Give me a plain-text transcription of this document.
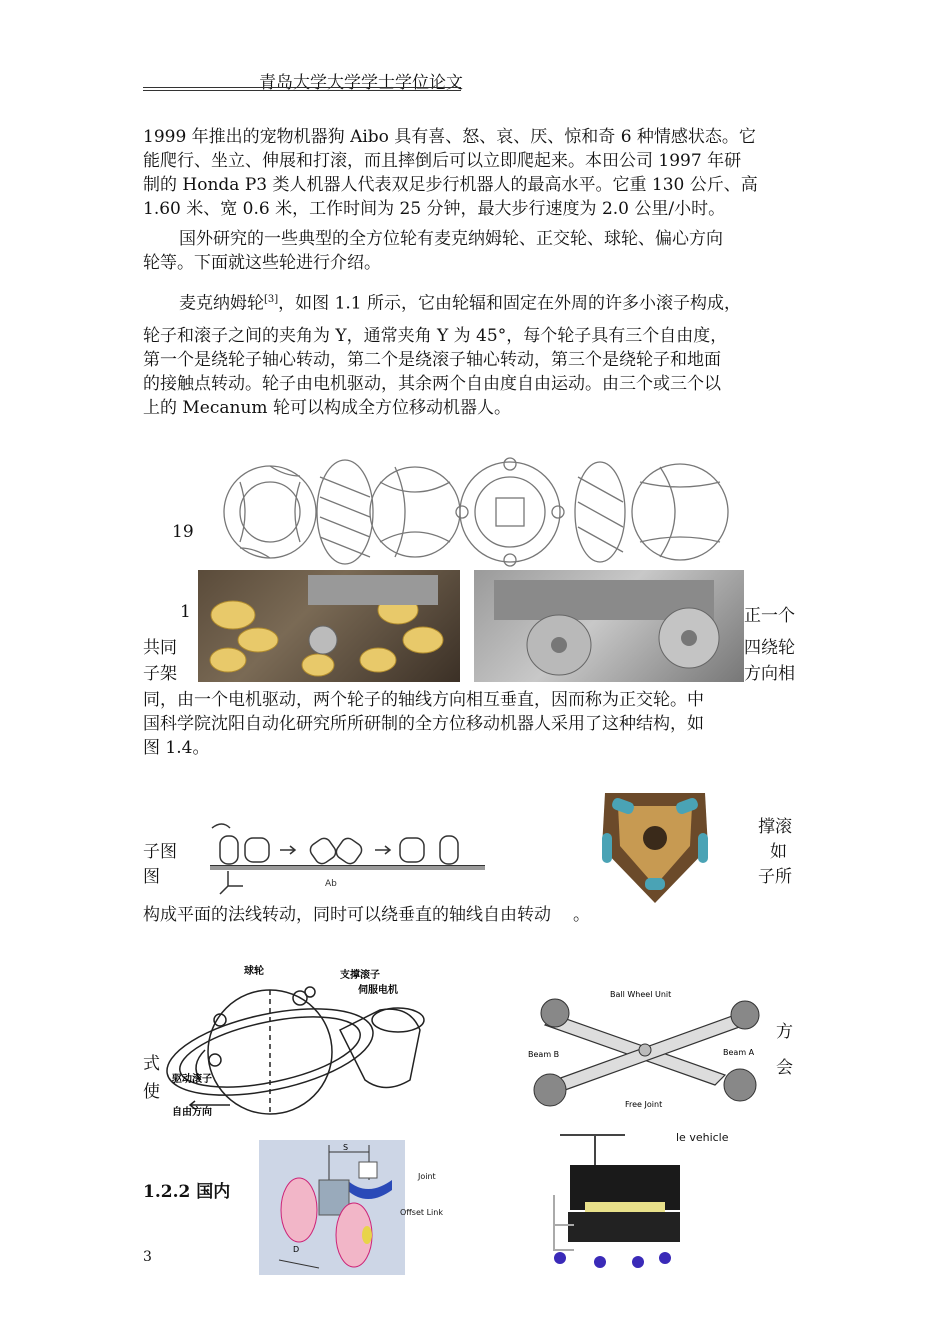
青岛大学大学学士学位论文
1999 年推出的宠物机器狗 Aibo 具有喜、怒、哀、厌、惊和奇 6 种情感状态。它
能爬行、坐立、伸展和打滚，而且摔倒后可以立即爬起来。本田公司 1997 年研
制的 Honda P3 类人机器人代表双足步行机器人的最高水平。它重 130 公斤、高
1.60 米、宽 0.6 米，工作时间为 25 分钟，最大步行速度为 2.0 公里/小时。
国外研究的一些典型的全方位轮有麦克纳姆轮、正交轮、球轮、偏心方向
轮等。下面就这些轮进行介绍。
麦克纳姆轮[3]，如图 1.1 所示，它由轮辐和固定在外周的许多小滚子构成，
轮子和滚子之间的夹角为 Y，通常夹角 Y 为 45°，每个轮子具有三个自由度，
第一个是绕轮子轴心转动，第二个是绕滚子轴心转动，第三个是绕轮子和地面
的接触点转动。轮子由电机驱动，其余两个自由度自由运动。由三个或三个以
上的 Mecanum 轮可以构成全方位移动机器人。
19
1	正一个
共同	四绕轮
子架	方向相
同，由一个电机驱动，两个轮子的轴线方向相互垂直，因而称为正交轮。中
国科学院沈阳自动化研究所所研制的全方位移动机器人采用了这种结构，如
图 1.4。
Ab
撑滚
子图	如
图	子所
构成平面的法线转动，同时可以绕垂直的轴线自由转动 。
球轮	支撑滚子
伺服电机
驱动滚子
自由方向
Ball Wheel Unit
Beam B	Beam A
Free Joint
le vehicle
方
式	会
使
1.2.2 国内
S
D
Joint
Offset Link
3
